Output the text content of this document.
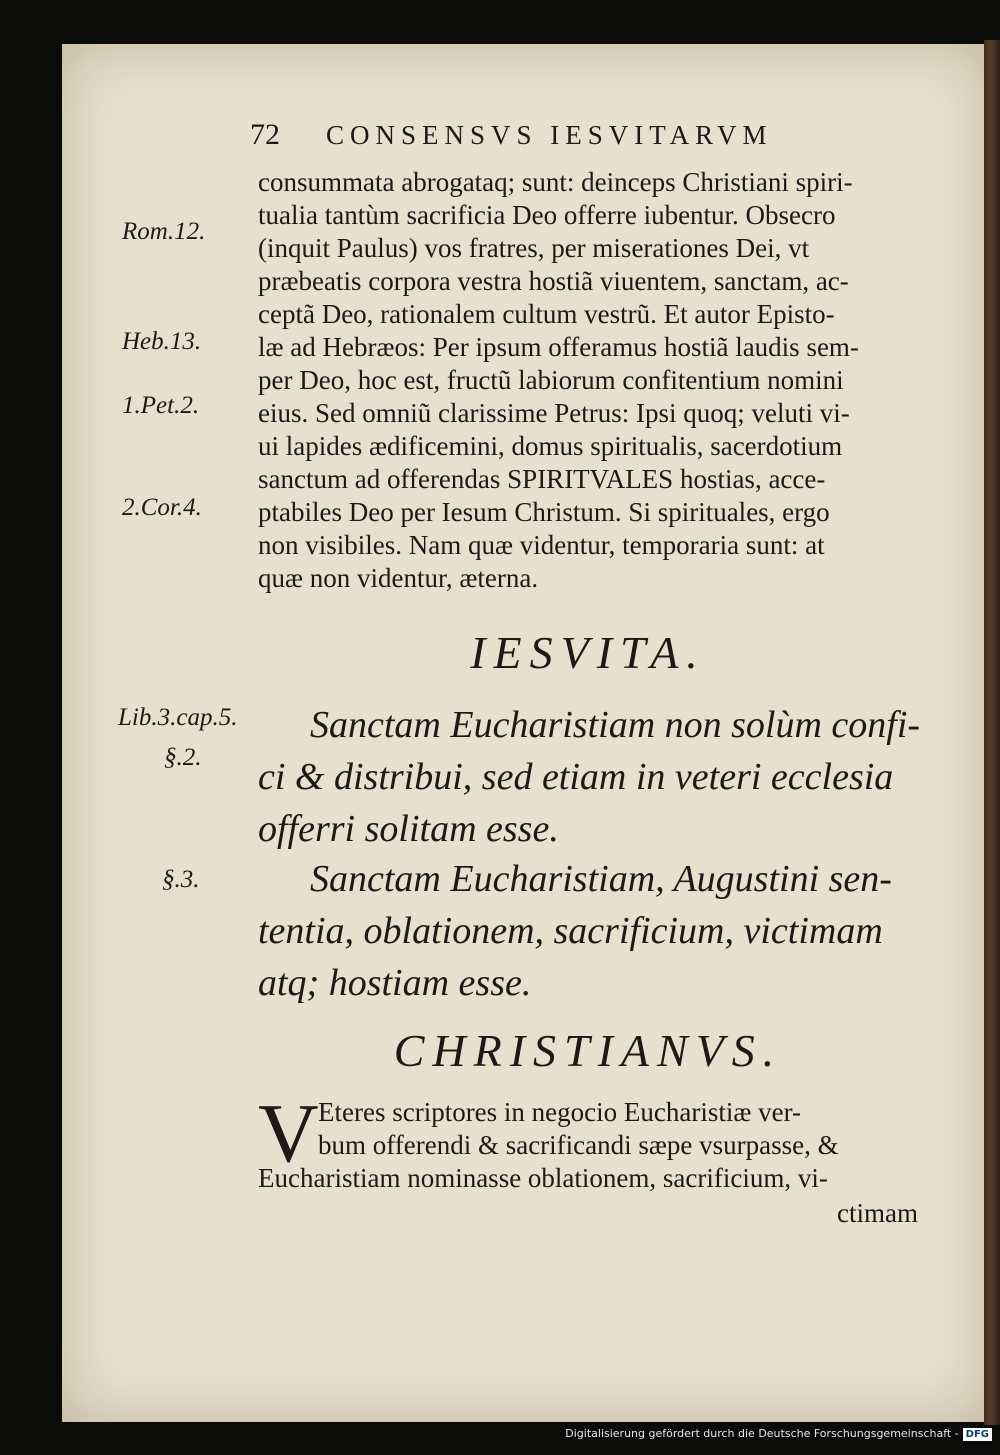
72 CONSENSVS IESVITARVM
Rom.12.
Heb.13.
1.Pet.2.
2.Cor.4.
Lib.3.cap.5.
§.2.
§.3.
consummata abrogataq; sunt: deinceps Christiani spiri-
tualia tantùm sacrificia Deo offerre iubentur. Obsecro
(inquit Paulus) vos fratres, per miserationes Dei, vt
præbeatis corpora vestra hostiã viuentem, sanctam, ac-
ceptã Deo, rationalem cultum vestrũ. Et autor Episto-
læ ad Hebræos: Per ipsum offeramus hostiã laudis sem-
per Deo, hoc est, fructũ labiorum confitentium nomini
eius. Sed omniũ clarissime Petrus: Ipsi quoq; veluti vi-
ui lapides ædificemini, domus spiritualis, sacerdotium
sanctum ad offerendas SPIRITVALES hostias, acce-
ptabiles Deo per Iesum Christum. Si spirituales, ergo
non visibiles. Nam quæ videntur, temporaria sunt: at
quæ non videntur, æterna.
IESVITA.
Sanctam Eucharistiam non solùm confi-
ci & distribui, sed etiam in veteri ecclesia
offerri solitam esse.
Sanctam Eucharistiam, Augustini sen-
tentia, oblationem, sacrificium, victimam
atq; hostiam esse.
CHRISTIANVS.
V Eteres scriptores in negocio Eucharistiæ ver-
bum offerendi & sacrificandi sæpe vsurpasse, &
Eucharistiam nominasse oblationem, sacrificium, vi-
ctimam
Digitalisierung gefördert durch die Deutsche Forschungsgemeinschaft - DFG
